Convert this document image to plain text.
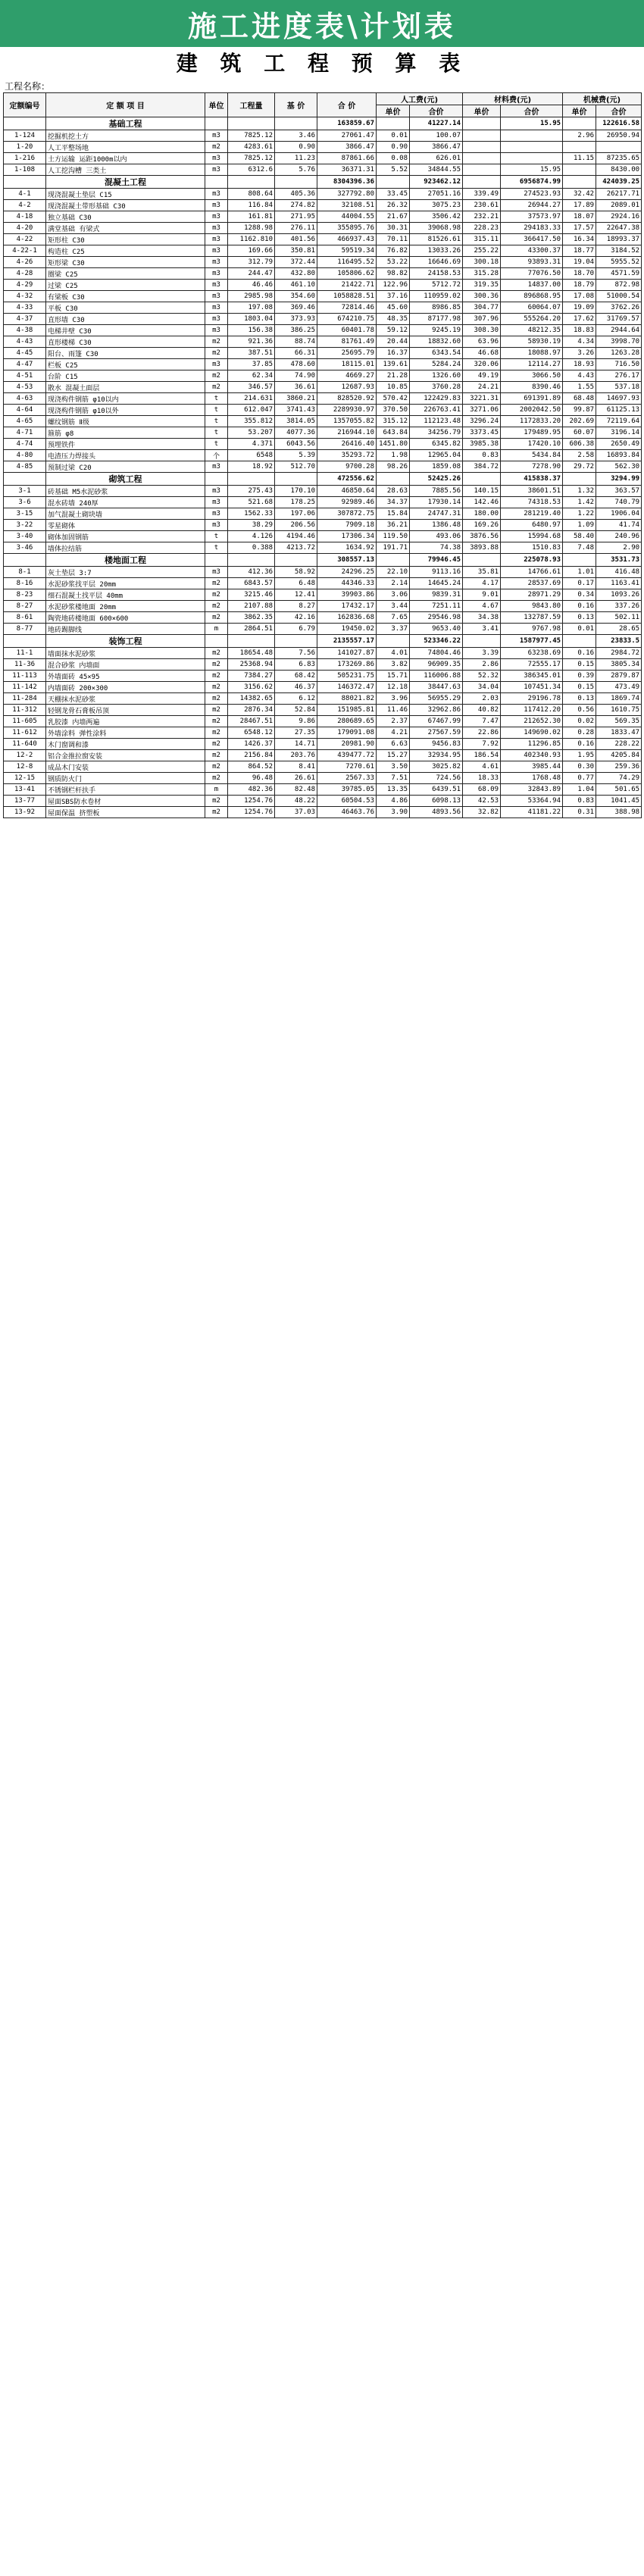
施工进度表\计划表
建 筑 工 程 预 算 表
工程名称：
定额编号	定 额 项 目	单位	工程量	基 价	合 价	人工费(元)		材料费(元)		机械费(元)	
						单价	合价	单价	合价	单价	合价
	基础工程				163859.67		41227.14		15.95		122616.58
1-124	挖掘机挖土方	m3	7825.12	3.46	27061.47	0.01	100.07			2.96	26950.94
1-20	人工平整场地	m2	4283.61	0.90	3866.47	0.90	3866.47				
1-216	土方运输 运距1000m以内	m3	7825.12	11.23	87861.66	0.08	626.01			11.15	87235.65
1-108	人工挖沟槽 三类土	m3	6312.6	5.76	36371.31	5.52	34844.55		15.95		8430.00
	混凝土工程				8304396.36		923462.12		6956874.99		424039.25
4-1	现浇混凝土垫层 C15	m3	808.64	405.36	327792.80	33.45	27051.16	339.49	274523.93	32.42	26217.71
4-2	现浇混凝土带形基础 C30	m3	116.84	274.82	32108.51	26.32	3075.23	230.61	26944.27	17.89	2089.01
4-18	独立基础 C30	m3	161.81	271.95	44004.55	21.67	3506.42	232.21	37573.97	18.07	2924.16
4-20	满堂基础 有梁式	m3	1288.98	276.11	355895.76	30.31	39068.98	228.23	294183.33	17.57	22647.38
4-22	矩形柱 C30	m3	1162.810	401.56	466937.43	70.11	81526.61	315.11	366417.50	16.34	18993.37
4-22-1	构造柱 C25	m3	169.66	350.81	59519.34	76.82	13033.26	255.22	43300.37	18.77	3184.52
4-26	矩形梁 C30	m3	312.79	372.44	116495.52	53.22	16646.69	300.18	93893.31	19.04	5955.52
4-28	圈梁 C25	m3	244.47	432.80	105806.62	98.82	24158.53	315.28	77076.50	18.70	4571.59
4-29	过梁 C25	m3	46.46	461.10	21422.71	122.96	5712.72	319.35	14837.00	18.79	872.98
4-32	有梁板 C30	m3	2985.98	354.60	1058828.51	37.16	110959.02	300.36	896868.95	17.08	51000.54
4-33	平板 C30	m3	197.08	369.46	72814.46	45.60	8986.85	304.77	60064.07	19.09	3762.26
4-37	直形墙 C30	m3	1803.04	373.93	674210.75	48.35	87177.98	307.96	555264.20	17.62	31769.57
4-38	电梯井壁 C30	m3	156.38	386.25	60401.78	59.12	9245.19	308.30	48212.35	18.83	2944.64
4-43	直形楼梯 C30	m2	921.36	88.74	81761.49	20.44	18832.60	63.96	58930.19	4.34	3998.70
4-45	阳台、雨篷 C30	m2	387.51	66.31	25695.79	16.37	6343.54	46.68	18088.97	3.26	1263.28
4-47	栏板 C25	m3	37.85	478.60	18115.01	139.61	5284.24	320.06	12114.27	18.93	716.50
4-51	台阶 C15	m2	62.34	74.90	4669.27	21.28	1326.60	49.19	3066.50	4.43	276.17
4-53	散水 混凝土面层	m2	346.57	36.61	12687.93	10.85	3760.28	24.21	8390.46	1.55	537.18
4-63	现浇构件钢筋 φ10以内	t	214.631	3860.21	828520.92	570.42	122429.83	3221.31	691391.89	68.48	14697.93
4-64	现浇构件钢筋 φ10以外	t	612.047	3741.43	2289930.97	370.50	226763.41	3271.06	2002042.50	99.87	61125.13
4-65	螺纹钢筋 Ⅱ级	t	355.812	3814.05	1357055.82	315.12	112123.48	3296.24	1172833.20	202.69	72119.64
4-71	箍筋 φ8	t	53.207	4077.36	216944.10	643.84	34256.79	3373.45	179489.95	60.07	3196.14
4-74	预埋铁件	t	4.371	6043.56	26416.40	1451.80	6345.82	3985.38	17420.10	606.38	2650.49
4-80	电渣压力焊接头	个	6548	5.39	35293.72	1.98	12965.04	0.83	5434.84	2.58	16893.84
4-85	预制过梁 C20	m3	18.92	512.70	9700.28	98.26	1859.08	384.72	7278.90	29.72	562.30
	砌筑工程				472556.62		52425.26		415838.37		3294.99
3-1	砖基础 M5水泥砂浆	m3	275.43	170.10	46850.64	28.63	7885.56	140.15	38601.51	1.32	363.57
3-6	混水砖墙 240厚	m3	521.68	178.25	92989.46	34.37	17930.14	142.46	74318.53	1.42	740.79
3-15	加气混凝土砌块墙	m3	1562.33	197.06	307872.75	15.84	24747.31	180.00	281219.40	1.22	1906.04
3-22	零星砌体	m3	38.29	206.56	7909.18	36.21	1386.48	169.26	6480.97	1.09	41.74
3-40	砌体加固钢筋	t	4.126	4194.46	17306.34	119.50	493.06	3876.56	15994.68	58.40	240.96
3-46	墙体拉结筋	t	0.388	4213.72	1634.92	191.71	74.38	3893.88	1510.83	7.48	2.90
	楼地面工程				308557.13		79946.45		225078.93		3531.73
8-1	灰土垫层 3:7	m3	412.36	58.92	24296.25	22.10	9113.16	35.81	14766.61	1.01	416.48
8-16	水泥砂浆找平层 20mm	m2	6843.57	6.48	44346.33	2.14	14645.24	4.17	28537.69	0.17	1163.41
8-23	细石混凝土找平层 40mm	m2	3215.46	12.41	39903.86	3.06	9839.31	9.01	28971.29	0.34	1093.26
8-27	水泥砂浆楼地面 20mm	m2	2107.88	8.27	17432.17	3.44	7251.11	4.67	9843.80	0.16	337.26
8-61	陶瓷地砖楼地面 600×600	m2	3862.35	42.16	162836.68	7.65	29546.98	34.38	132787.59	0.13	502.11
8-77	地砖踢脚线	m	2864.51	6.79	19450.02	3.37	9653.40	3.41	9767.98	0.01	28.65
	装饰工程				2135557.17		523346.22		1587977.45		23833.5
11-1	墙面抹水泥砂浆	m2	18654.48	7.56	141027.87	4.01	74804.46	3.39	63238.69	0.16	2984.72
11-36	混合砂浆 内墙面	m2	25368.94	6.83	173269.86	3.82	96909.35	2.86	72555.17	0.15	3805.34
11-113	外墙面砖 45×95	m2	7384.27	68.42	505231.75	15.71	116006.88	52.32	386345.01	0.39	2879.87
11-142	内墙面砖 200×300	m2	3156.62	46.37	146372.47	12.18	38447.63	34.04	107451.34	0.15	473.49
11-284	天棚抹水泥砂浆	m2	14382.65	6.12	88021.82	3.96	56955.29	2.03	29196.78	0.13	1869.74
11-312	轻钢龙骨石膏板吊顶	m2	2876.34	52.84	151985.81	11.46	32962.86	40.82	117412.20	0.56	1610.75
11-605	乳胶漆 内墙两遍	m2	28467.51	9.86	280689.65	2.37	67467.99	7.47	212652.30	0.02	569.35
11-612	外墙涂料 弹性涂料	m2	6548.12	27.35	179091.08	4.21	27567.59	22.86	149690.02	0.28	1833.47
11-640	木门窗调和漆	m2	1426.37	14.71	20981.90	6.63	9456.83	7.92	11296.85	0.16	228.22
12-2	铝合金推拉窗安装	m2	2156.84	203.76	439477.72	15.27	32934.95	186.54	402340.93	1.95	4205.84
12-8	成品木门安装	m2	864.52	8.41	7270.61	3.50	3025.82	4.61	3985.44	0.30	259.36
12-15	钢质防火门	m2	96.48	26.61	2567.33	7.51	724.56	18.33	1768.48	0.77	74.29
13-41	不锈钢栏杆扶手	m	482.36	82.48	39785.05	13.35	6439.51	68.09	32843.89	1.04	501.65
13-77	屋面SBS防水卷材	m2	1254.76	48.22	60504.53	4.86	6098.13	42.53	53364.94	0.83	1041.45
13-92	屋面保温 挤塑板	m2	1254.76	37.03	46463.76	3.90	4893.56	32.82	41181.22	0.31	388.98
